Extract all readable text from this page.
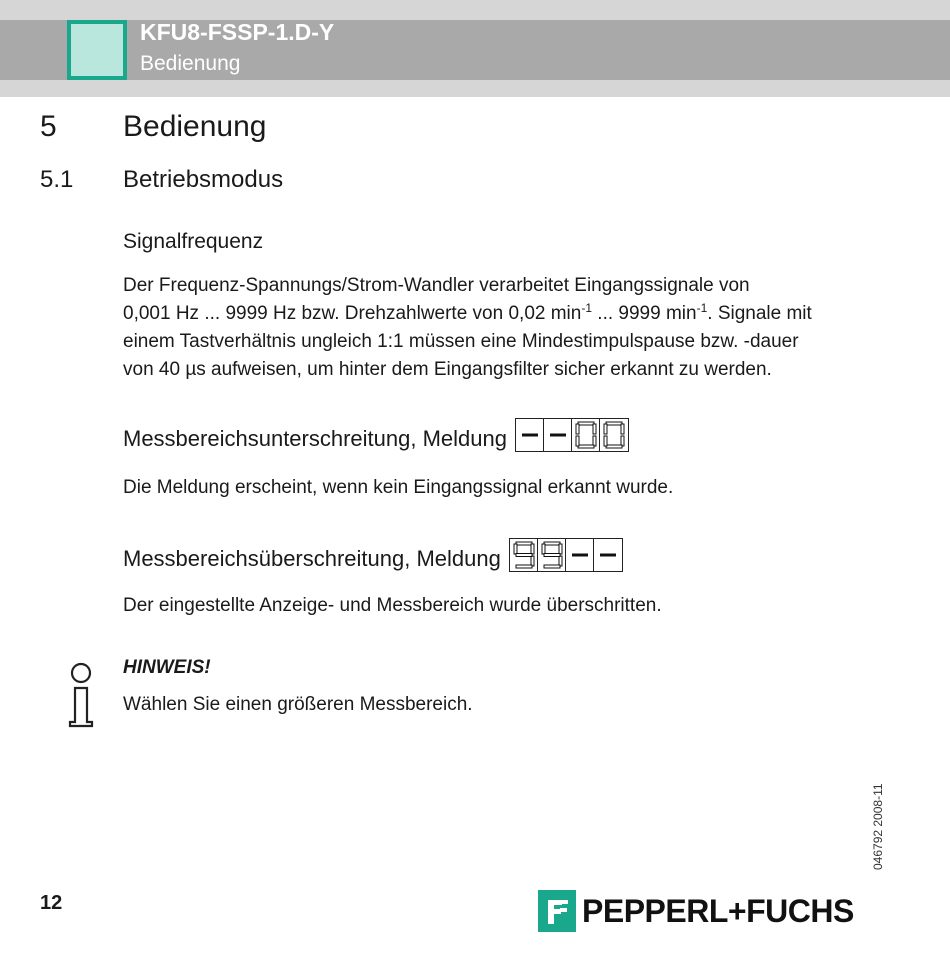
KFU8-FSSP-1.D-Y
Bedienung
5 Bedienung
5.1 Betriebsmodus
Signalfrequenz
Der Frequenz-Spannungs/Strom-Wandler verarbeitet Eingangssignale von
0,001 Hz ... 9999 Hz bzw. Drehzahlwerte von 0,02 $\min^{-1}$ ... 9999 $\min^{-1}$. Signale mit
einem Tastverhältnis ungleich 1:1 müssen eine Mindestimpulspause bzw. -dauer
von 40 µs aufweisen, um hinter dem Eingangsfilter sicher erkannt zu werden.
Messbereichsunterschreitung, Meldung
Die Meldung erscheint, wenn kein Eingangssignal erkannt wurde.
Messbereichsüberschreitung, Meldung
Der eingestellte Anzeige- und Messbereich wurde überschritten.
HINWEIS!
Wählen Sie einen größeren Messbereich.
046792 2008-11
12	PEPPERL+FUCHS
